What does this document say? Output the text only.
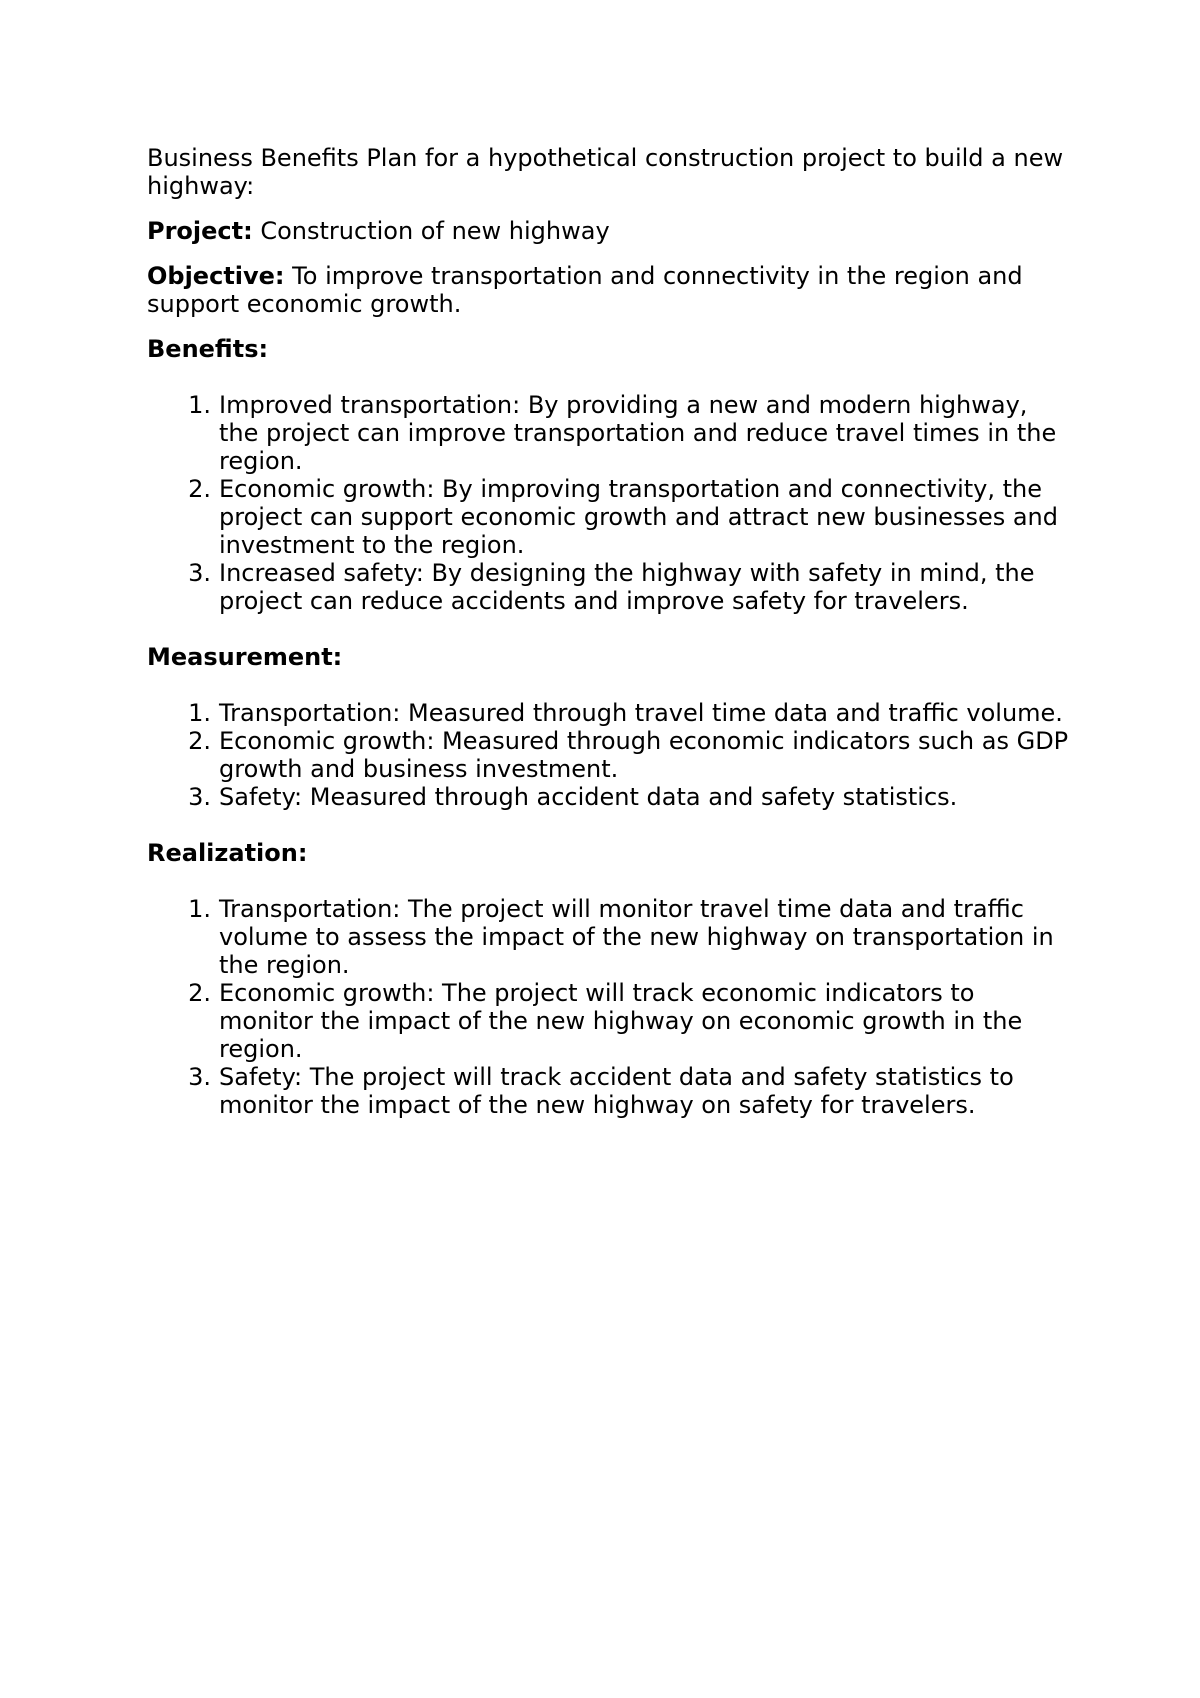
Business Benefits Plan for a hypothetical construction project to build a new highway:

Project: Construction of new highway

Objective: To improve transportation and connectivity in the region and support economic growth.

Benefits:
Improved transportation: By providing a new and modern highway, the project can improve transportation and reduce travel times in the region.
Economic growth: By improving transportation and connectivity, the project can support economic growth and attract new businesses and investment to the region.
Increased safety: By designing the highway with safety in mind, the project can reduce accidents and improve safety for travelers.
Measurement:
Transportation: Measured through travel time data and traffic volume.
Economic growth: Measured through economic indicators such as GDP growth and business investment.
Safety: Measured through accident data and safety statistics.
Realization:
Transportation: The project will monitor travel time data and traffic volume to assess the impact of the new highway on transportation in the region.
Economic growth: The project will track economic indicators to monitor the impact of the new highway on economic growth in the region.
Safety: The project will track accident data and safety statistics to monitor the impact of the new highway on safety for travelers.
